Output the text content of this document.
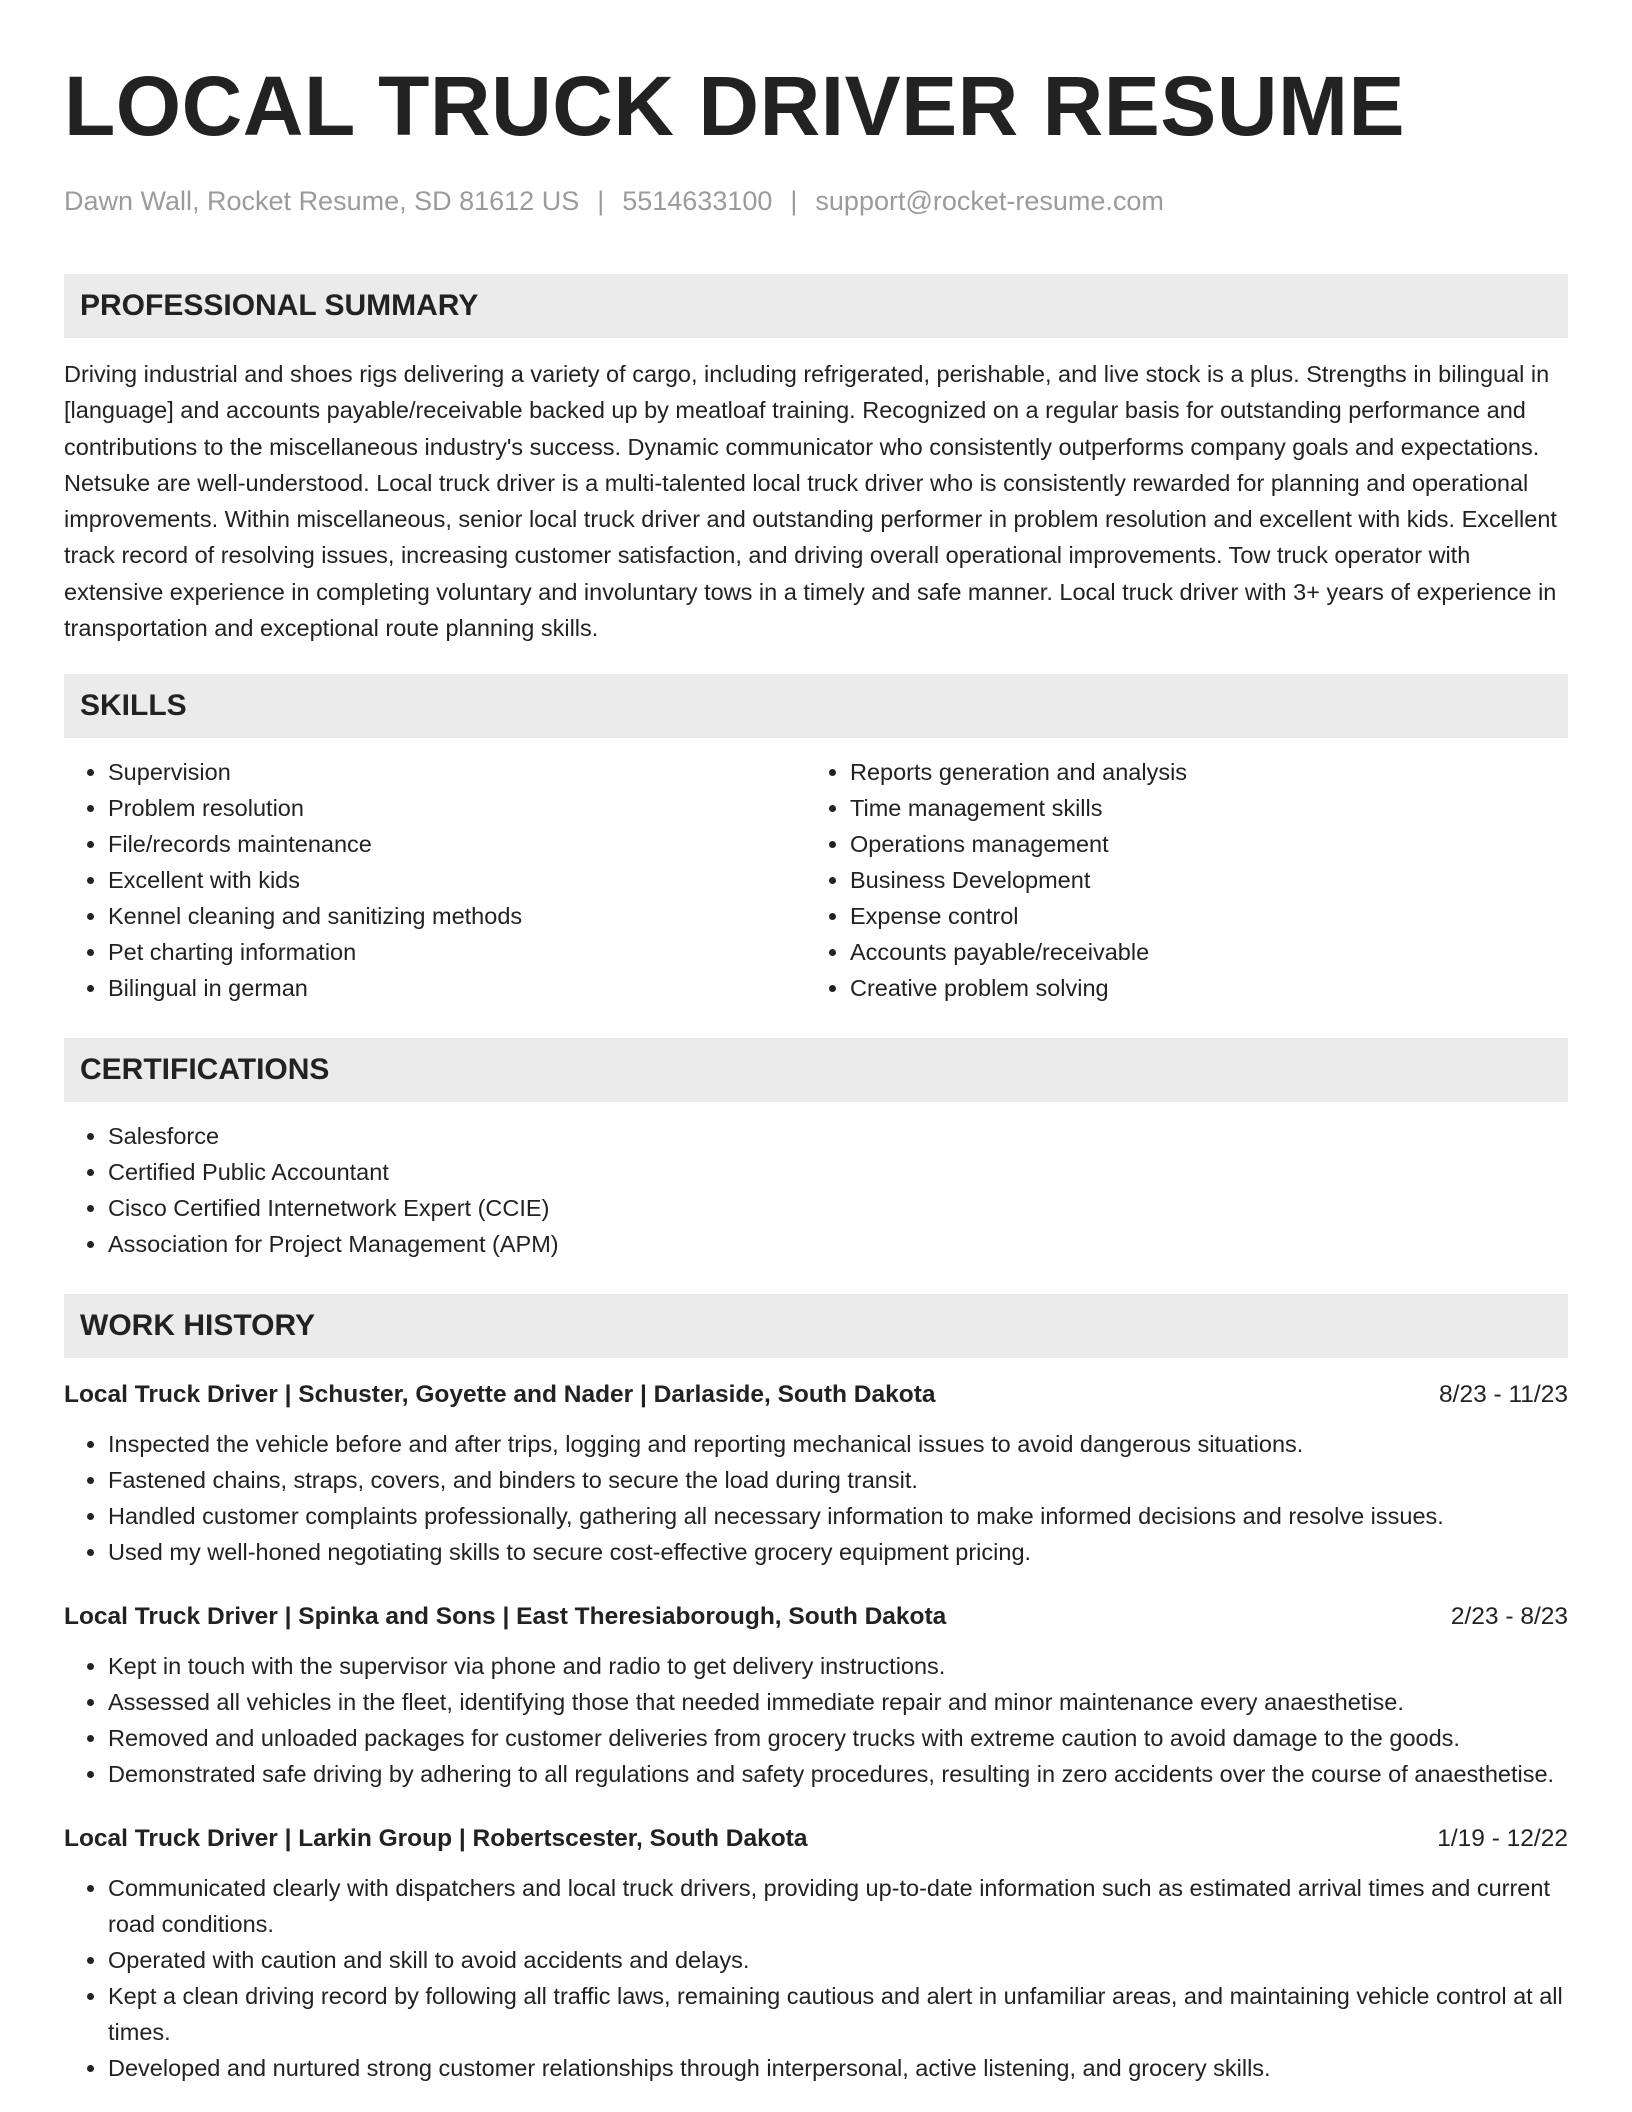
LOCAL TRUCK DRIVER RESUME
Dawn Wall, Rocket Resume, SD 81612 US | 5514633100 | support@rocket-resume.com
PROFESSIONAL SUMMARY

Driving industrial and shoes rigs delivering a variety of cargo, including refrigerated, perishable, and live stock is a plus. Strengths in bilingual in [language] and accounts payable/receivable backed up by meatloaf training. Recognized on a regular basis for outstanding performance and contributions to the miscellaneous industry's success. Dynamic communicator who consistently outperforms company goals and expectations. Netsuke are well-understood. Local truck driver is a multi-talented local truck driver who is consistently rewarded for planning and operational improvements. Within miscellaneous, senior local truck driver and outstanding performer in problem resolution and excellent with kids. Excellent track record of resolving issues, increasing customer satisfaction, and driving overall operational improvements. Tow truck operator with extensive experience in completing voluntary and involuntary tows in a timely and safe manner. Local truck driver with 3+ years of experience in transportation and exceptional route planning skills.

SKILLS
• Supervision
• Problem resolution
• File/records maintenance
• Excellent with kids
• Kennel cleaning and sanitizing methods
• Pet charting information
• Bilingual in german
• Reports generation and analysis
• Time management skills
• Operations management
• Business Development
• Expense control
• Accounts payable/receivable
• Creative problem solving
CERTIFICATIONS
• Salesforce
• Certified Public Accountant
• Cisco Certified Internetwork Expert (CCIE)
• Association for Project Management (APM)
WORK HISTORY
Local Truck Driver | Schuster, Goyette and Nader | Darlaside, South Dakota	8/23 - 11/23
• Inspected the vehicle before and after trips, logging and reporting mechanical issues to avoid dangerous situations.
• Fastened chains, straps, covers, and binders to secure the load during transit.
• Handled customer complaints professionally, gathering all necessary information to make informed decisions and resolve issues.
• Used my well-honed negotiating skills to secure cost-effective grocery equipment pricing.
Local Truck Driver | Spinka and Sons | East Theresiaborough, South Dakota	2/23 - 8/23
• Kept in touch with the supervisor via phone and radio to get delivery instructions.
• Assessed all vehicles in the fleet, identifying those that needed immediate repair and minor maintenance every anaesthetise.
• Removed and unloaded packages for customer deliveries from grocery trucks with extreme caution to avoid damage to the goods.
• Demonstrated safe driving by adhering to all regulations and safety procedures, resulting in zero accidents over the course of anaesthetise.
Local Truck Driver | Larkin Group | Robertscester, South Dakota	1/19 - 12/22
• Communicated clearly with dispatchers and local truck drivers, providing up-to-date information such as estimated arrival times and current road conditions.
• Operated with caution and skill to avoid accidents and delays.
• Kept a clean driving record by following all traffic laws, remaining cautious and alert in unfamiliar areas, and maintaining vehicle control at all times.
• Developed and nurtured strong customer relationships through interpersonal, active listening, and grocery skills.
